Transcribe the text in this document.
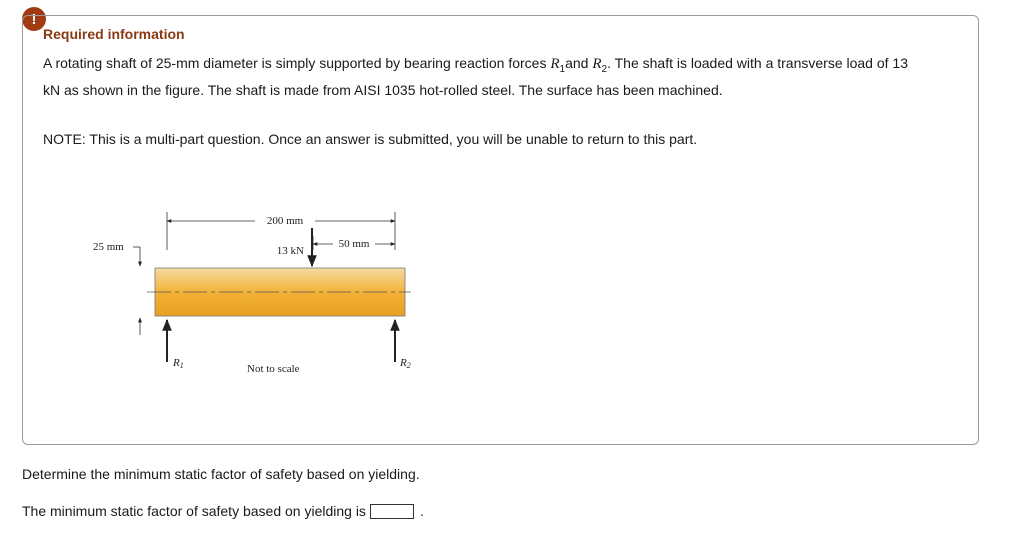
!
Required information

A rotating shaft of 25-mm diameter is simply supported by bearing reaction forces $R_1and$ $R_2$. The shaft is loaded with a transverse load of 13 kN as shown in the figure. The shaft is made from AISI 1035 hot-rolled steel. The surface has been machined.

NOTE: This is a multi-part question. Once an answer is submitted, you will be unable to return to this part.

200 mm
50 mm
13 kN
25 mm
R1	R2
Not to scale

Determine the minimum static factor of safety based on yielding.

The minimum static factor of safety based on yielding is	.
